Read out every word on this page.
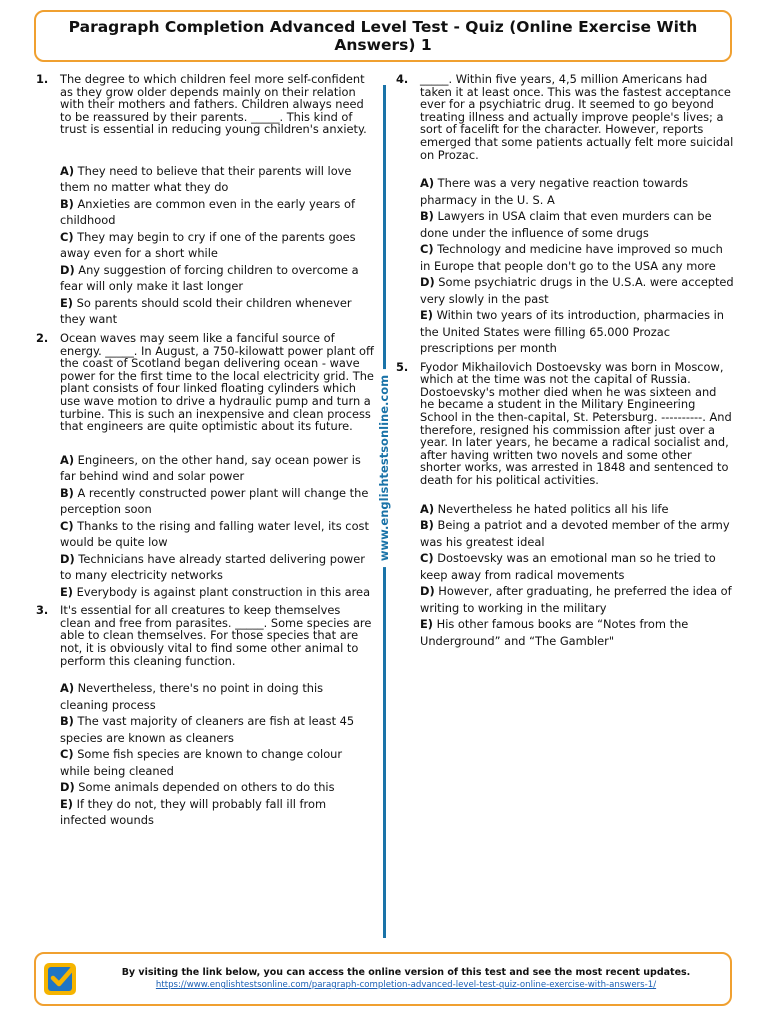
Paragraph Completion Advanced Level Test - Quiz (Online Exercise With Answers) 1
1.	The degree to which children feel more self-confident as they grow older depends mainly on their relation with their mothers and fathers. Children always need to be reassured by their parents. _____. This kind of trust is essential in reducing young children's anxiety.
A) They need to believe that their parents will love them no matter what they do
B) Anxieties are common even in the early years of childhood
C) They may begin to cry if one of the parents goes away even for a short while
D) Any suggestion of forcing children to overcome a fear will only make it last longer
E) So parents should scold their children whenever they want
2.	Ocean waves may seem like a fanciful source of energy. _____. In August, a 750-kilowatt power plant off the coast of Scotland began delivering ocean - wave power for the first time to the local electricity grid. The plant consists of four linked floating cylinders which use wave motion to drive a hydraulic pump and turn a turbine. This is such an inexpensive and clean process that engineers are quite optimistic about its future.
A) Engineers, on the other hand, say ocean power is far behind wind and solar power
B) A recently constructed power plant will change the perception soon
C) Thanks to the rising and falling water level, its cost would be quite low
D) Technicians have already started delivering power to many electricity networks
E) Everybody is against plant construction in this area
3.	It's essential for all creatures to keep themselves clean and free from parasites. _____. Some species are able to clean themselves. For those species that are not, it is obviously vital to find some other animal to perform this cleaning function.
A) Nevertheless, there's no point in doing this cleaning process
B) The vast majority of cleaners are fish at least 45 species are known as cleaners
C) Some fish species are known to change colour while being cleaned
D) Some animals depended on others to do this
E) If they do not, they will probably fall ill from infected wounds
www.englishtestsonline.com
4.	_____. Within five years, 4,5 million Americans had taken it at least once. This was the fastest acceptance ever for a psychiatric drug. It seemed to go beyond treating illness and actually improve people's lives; a sort of facelift for the character. However, reports emerged that some patients actually felt more suicidal on Prozac.
A) There was a very negative reaction towards pharmacy in the U. S. A
B) Lawyers in USA claim that even murders can be done under the influence of some drugs
C) Technology and medicine have improved so much in Europe that people don't go to the USA any more
D) Some psychiatric drugs in the U.S.A. were accepted very slowly in the past
E) Within two years of its introduction, pharmacies in the United States were filling 65.000 Prozac prescriptions per month
5.	Fyodor Mikhailovich Dostoevsky was born in Moscow, which at the time was not the capital of Russia. Dostoevsky's mother died when he was sixteen and he became a student in the Military Engineering School in the then-capital, St. Petersburg. ----------. And therefore, resigned his commission after just over a year. In later years, he became a radical socialist and, after having written two novels and some other shorter works, was arrested in 1848 and sentenced to death for his political activities.
A) Nevertheless he hated politics all his life
B) Being a patriot and a devoted member of the army was his greatest ideal
C) Dostoevsky was an emotional man so he tried to keep away from radical movements
D) However, after graduating, he preferred the idea of writing to working in the military
E) His other famous books are “Notes from the Underground” and “The Gambler"
By visiting the link below, you can access the online version of this test and see the most recent updates.
https://www.englishtestsonline.com/paragraph-completion-advanced-level-test-quiz-online-exercise-with-answers-1/
